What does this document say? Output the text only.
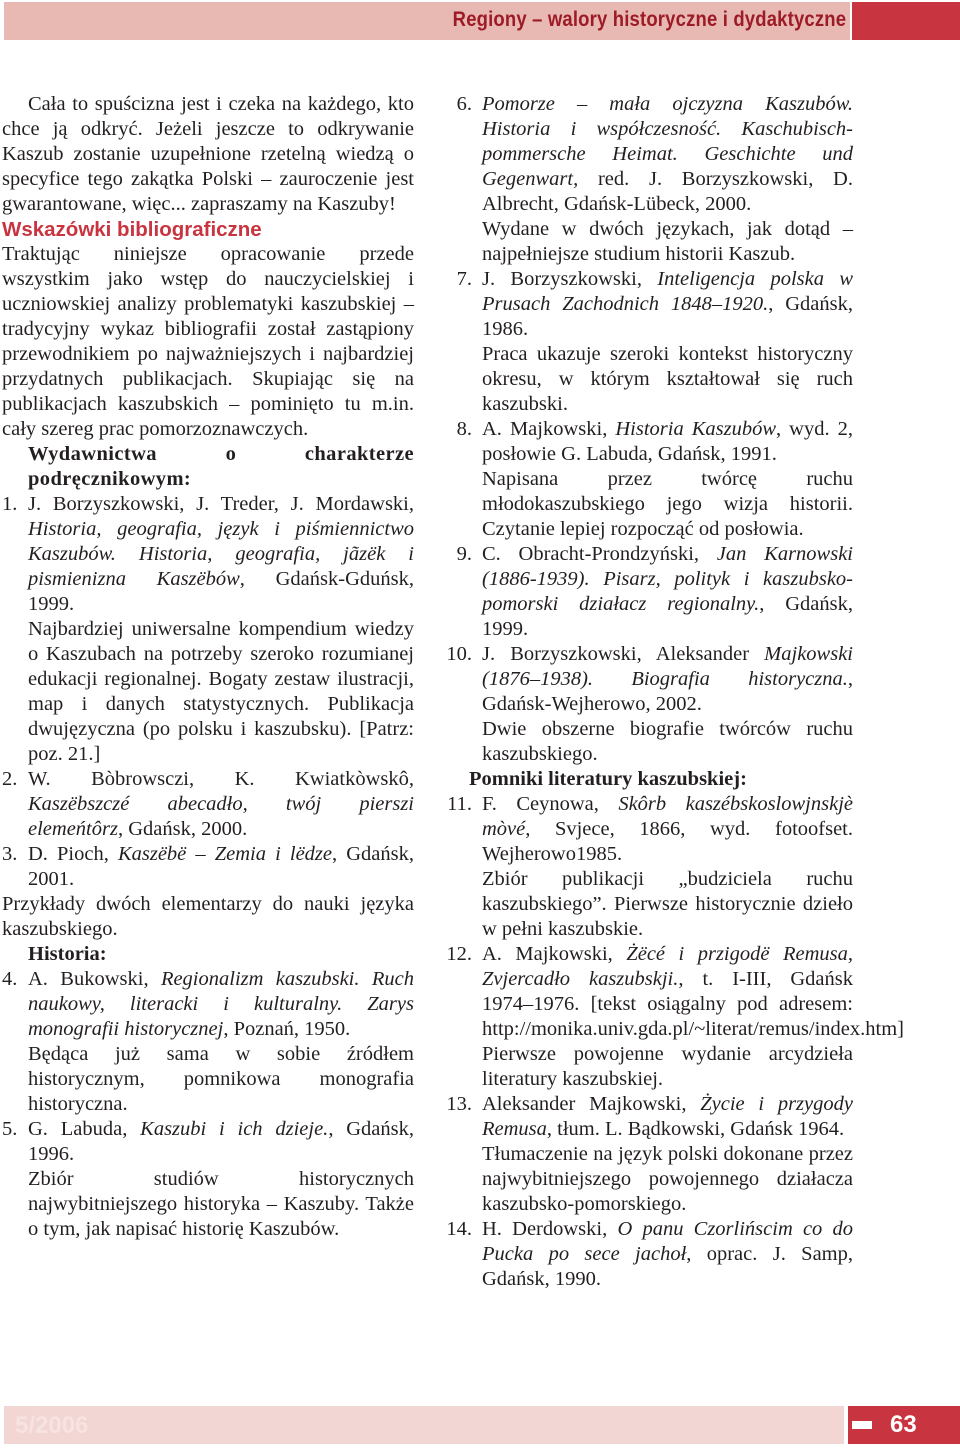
Regiony – walory historyczne i dydaktyczne

Cała to spuścizna jest i czeka na każdego, kto chce ją odkryć. Jeżeli jeszcze to odkrywanie Kaszub zostanie uzupełnione rzetelną wiedzą o specyfice tego zakątka Polski – zauroczenie jest gwarantowane, więc... zapraszamy na Kaszuby!

Wskazówki bibliograficzne

Traktując niniejsze opracowanie przede wszystkim jako wstęp do nauczycielskiej i uczniowskiej analizy problematyki kaszubskiej – tradycyjny wykaz bibliografii został zastąpiony przewodnikiem po najważniejszych i najbardziej przydatnych publikacjach. Skupiając się na publikacjach kaszubskich – pominięto tu m.in. cały szereg prac pomorzoznawczych.

Wydawnictwa o charakterze podręcznikowym:

1. J. Borzyszkowski, J. Treder, J. Mordawski, Historia, geografia, język i piśmiennictwo Kaszubów. Historia, geografia, jãzëk i pismienizna Kaszëbów, Gdańsk-Gduńsk, 1999.

Najbardziej uniwersalne kompendium wiedzy o Kaszubach na potrzeby szeroko rozumianej edukacji regionalnej. Bogaty zestaw ilustracji, map i danych statystycznych. Publikacja dwujęzyczna (po polsku i kaszubsku). [Patrz: poz. 21.]

2. W. Bòbrowsczi, K. Kwiatkòwskô, Kaszëbszczé abecadło, twój pierszi elemeńtôrz, Gdańsk, 2000.

3. D. Pioch, Kaszëbë – Zemia i lëdze, Gdańsk, 2001.

Przykłady dwóch elementarzy do nauki języka kaszubskiego.

Historia:

4. A. Bukowski, Regionalizm kaszubski. Ruch naukowy, literacki i kulturalny. Zarys monografii historycznej, Poznań, 1950.

Będąca już sama w sobie źródłem historycznym, pomnikowa monografia historyczna.

5. G. Labuda, Kaszubi i ich dzieje., Gdańsk, 1996.

Zbiór studiów historycznych najwybitniejszego historyka – Kaszuby. Także o tym, jak napisać historię Kaszubów.

6. Pomorze – mała ojczyzna Kaszubów. Historia i współczesność. Kaschubisch-pommersche Heimat. Geschichte und Gegenwart, red. J. Borzyszkowski, D. Albrecht, Gdańsk-Lübeck, 2000.

Wydane w dwóch językach, jak dotąd – najpełniejsze studium historii Kaszub.

7. J. Borzyszkowski, Inteligencja polska w Prusach Zachodnich 1848–1920., Gdańsk, 1986.

Praca ukazuje szeroki kontekst historyczny okresu, w którym kształtował się ruch kaszubski.

8. A. Majkowski, Historia Kaszubów, wyd. 2, posłowie G. Labuda, Gdańsk, 1991.

Napisana przez twórcę ruchu młodokaszubskiego jego wizja historii. Czytanie lepiej rozpocząć od posłowia.

9. C. Obracht-Prondzyński, Jan Karnowski (1886-1939). Pisarz, polityk i kaszubsko-pomorski działacz regionalny., Gdańsk, 1999.

10. J. Borzyszkowski, Aleksander Majkowski (1876–1938). Biografia historyczna., Gdańsk-Wejherowo, 2002.

Dwie obszerne biografie twórców ruchu kaszubskiego.

Pomniki literatury kaszubskiej:

11. F. Ceynowa, Skôrb kaszébskoslowjnskjè mòvé, Svjece, 1866, wyd. fotoofset. Wejherowo1985.

Zbiór publikacji „budziciela ruchu kaszubskiego”. Pierwsze historycznie dzieło w pełni kaszubskie.

12. A. Majkowski, Żëcé i przigodë Remusa, Zvjercadło kaszubskji., t. I-III, Gdańsk 1974–1976. [tekst osiągalny pod adresem: http://monika.univ.gda.pl/~literat/remus/index.htm]

Pierwsze powojenne wydanie arcydzieła literatury kaszubskiej.

13. Aleksander Majkowski, Życie i przygody Remusa, tłum. L. Bądkowski, Gdańsk 1964.

Tłumaczenie na język polski dokonane przez najwybitniejszego powojennego działacza kaszubsko-pomorskiego.

14. H. Derdowski, O panu Czorlińscim co do Pucka po sece jachoł, oprac. J. Samp, Gdańsk, 1990.

5/2006	63
